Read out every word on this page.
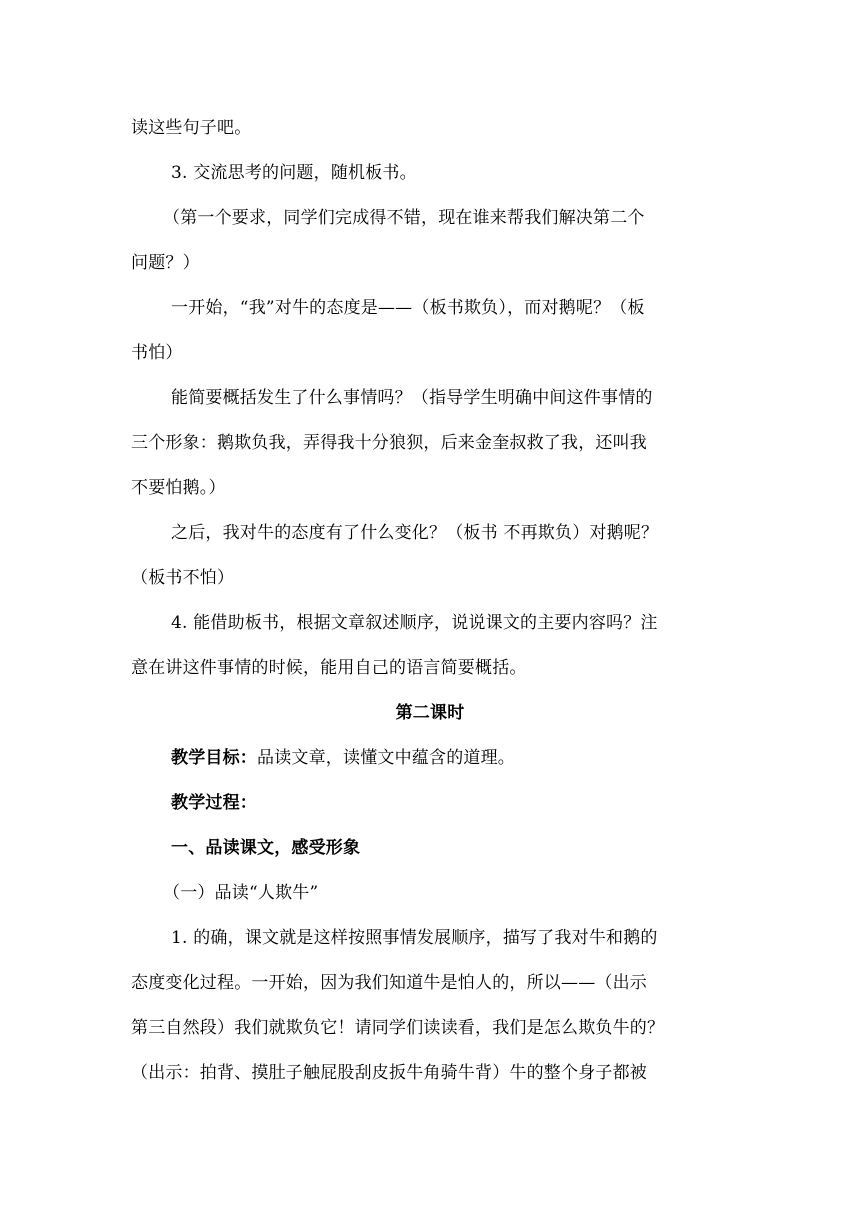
读这些句子吧。
3. 交流思考的问题，随机板书。
（第一个要求，同学们完成得不错，现在谁来帮我们解决第二个
问题？）
一开始，“我”对牛的态度是——（板书欺负），而对鹅呢？（板
书怕）
能简要概括发生了什么事情吗？（指导学生明确中间这件事情的
三个形象：鹅欺负我，弄得我十分狼狈，后来金奎叔救了我，还叫我
不要怕鹅。）
之后，我对牛的态度有了什么变化？（板书 不再欺负）对鹅呢？
（板书不怕）
4. 能借助板书，根据文章叙述顺序，说说课文的主要内容吗？注
意在讲这件事情的时候，能用自己的语言简要概括。
第二课时
教学目标：品读文章，读懂文中蕴含的道理。
教学过程：
一、品读课文，感受形象
（一）品读“人欺牛”
1. 的确，课文就是这样按照事情发展顺序，描写了我对牛和鹅的
态度变化过程。一开始，因为我们知道牛是怕人的，所以——（出示
第三自然段）我们就欺负它！请同学们读读看，我们是怎么欺负牛的？
（出示：拍背、摸肚子触屁股刮皮扳牛角骑牛背）牛的整个身子都被
